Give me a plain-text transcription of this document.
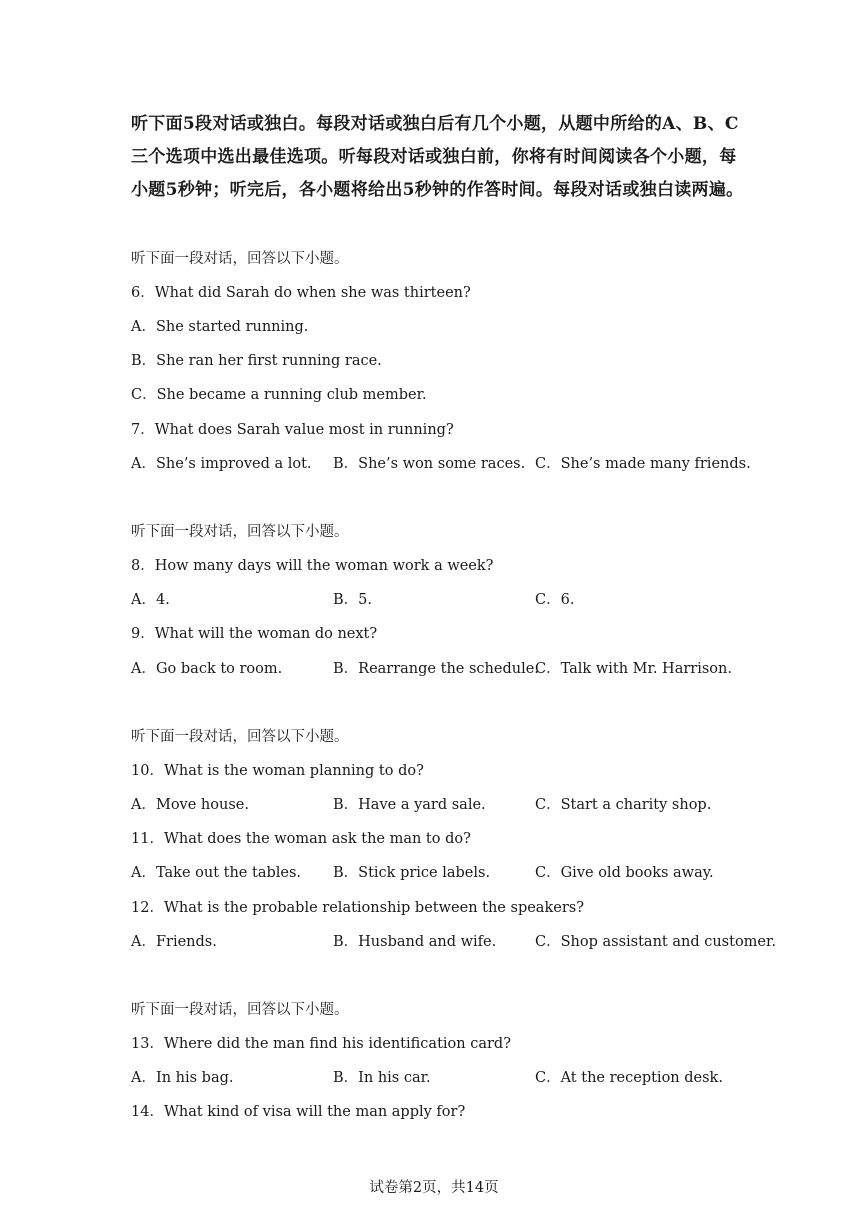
听下面5段对话或独白。每段对话或独白后有几个小题，从题中所给的A、B、C三个选项中选出最佳选项。听每段对话或独白前，你将有时间阅读各个小题，每小题5秒钟；听完后，各小题将给出5秒钟的作答时间。每段对话或独白读两遍。
听下面一段对话，回答以下小题。
6．What did Sarah do when she was thirteen?
A．She started running.
B．She ran her first running race.
C．She became a running club member.
7．What does Sarah value most in running?
A．She’s improved a lot. B．She’s won some races. C．She’s made many friends.
听下面一段对话，回答以下小题。
8．How many days will the woman work a week?
A．4.	B．5.	C．6.
9．What will the woman do next?
A．Go back to room.	B．Rearrange the schedule.
C．Talk with Mr. Harrison.
听下面一段对话，回答以下小题。
10．What is the woman planning to do?
A．Move house.	B．Have a yard sale.	C．Start a charity shop.
11．What does the woman ask the man to do?
A．Take out the tables. B．Stick price labels.	C．Give old books away.
12．What is the probable relationship between the speakers?
A．Friends.	B．Husband and wife.	C．Shop assistant and customer.
听下面一段对话，回答以下小题。
13．Where did the man find his identification card?
A．In his bag.	B．In his car.	C．At the reception desk.
14．What kind of visa will the man apply for?
试卷第2页，共14页
